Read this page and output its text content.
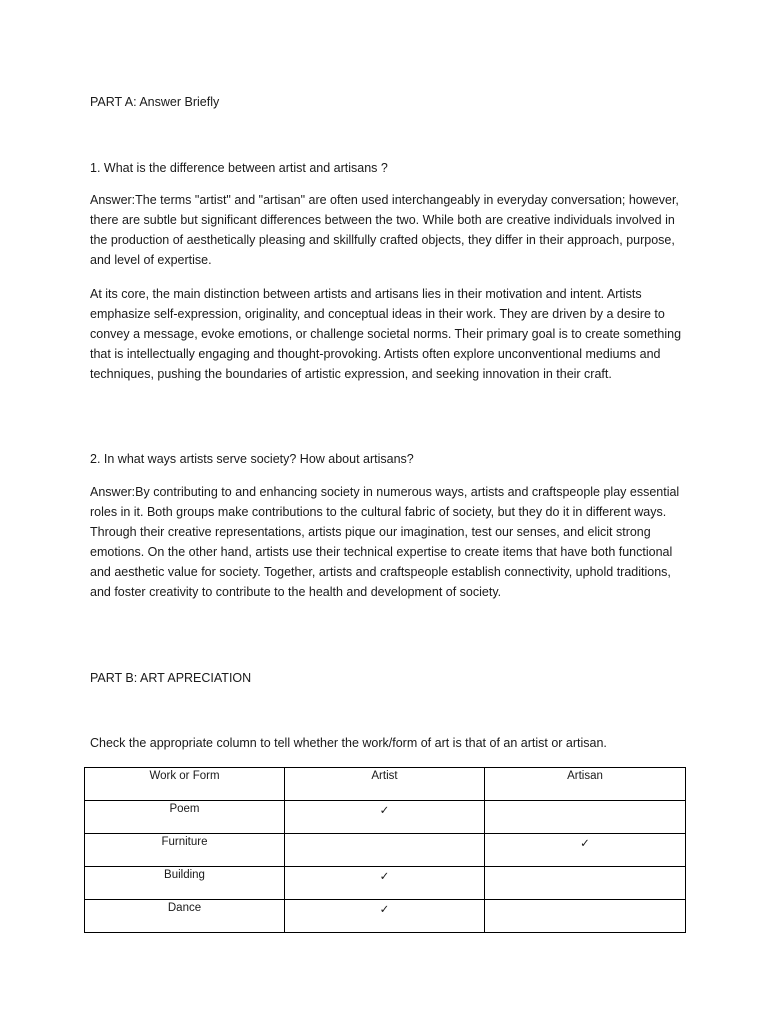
PART A: Answer Briefly

1. What is the difference between artist and artisans ?

Answer:The terms "artist" and "artisan" are often used interchangeably in everyday conversation; however, there are subtle but significant differences between the two. While both are creative individuals involved in the production of aesthetically pleasing and skillfully crafted objects, they differ in their approach, purpose, and level of expertise.

At its core, the main distinction between artists and artisans lies in their motivation and intent. Artists emphasize self-expression, originality, and conceptual ideas in their work. They are driven by a desire to convey a message, evoke emotions, or challenge societal norms. Their primary goal is to create something that is intellectually engaging and thought-provoking. Artists often explore unconventional mediums and techniques, pushing the boundaries of artistic expression, and seeking innovation in their craft.

2. In what ways artists serve society? How about artisans?

Answer:By contributing to and enhancing society in numerous ways, artists and craftspeople play essential roles in it. Both groups make contributions to the cultural fabric of society, but they do it in different ways. Through their creative representations, artists pique our imagination, test our senses, and elicit strong emotions. On the other hand, artists use their technical expertise to create items that have both functional and aesthetic value for society. Together, artists and craftspeople establish connectivity, uphold traditions, and foster creativity to contribute to the health and development of society.

PART B: ART APRECIATION

Check the appropriate column to tell whether the work/form of art is that of an artist or artisan.

Work or Form	Artist	Artisan
Poem	✓	
Furniture		✓
Building	✓	
Dance	✓	
